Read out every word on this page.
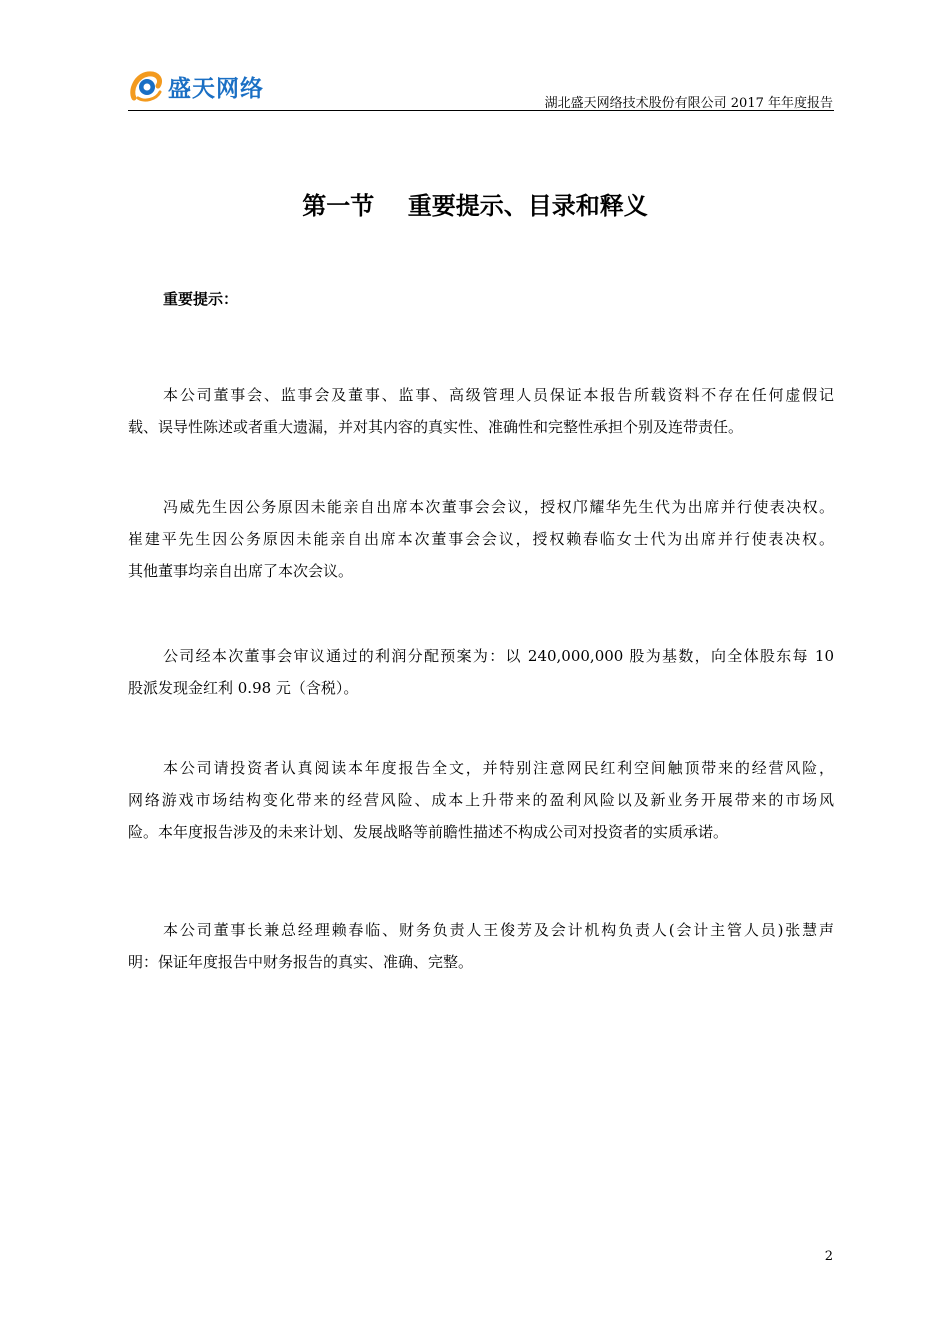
盛天网络
湖北盛天网络技术股份有限公司 2017 年年度报告
第一节    重要提示、目录和释义
重要提示：
本公司董事会、监事会及董事、监事、高级管理人员保证本报告所载资料不存在任何虚假记
载、误导性陈述或者重大遗漏，并对其内容的真实性、准确性和完整性承担个别及连带责任。
冯威先生因公务原因未能亲自出席本次董事会会议，授权邝耀华先生代为出席并行使表决权。
崔建平先生因公务原因未能亲自出席本次董事会会议，授权赖春临女士代为出席并行使表决权。
其他董事均亲自出席了本次会议。
公司经本次董事会审议通过的利润分配预案为：以 240,000,000 股为基数，向全体股东每 10
股派发现金红利 0.98 元（含税）。
本公司请投资者认真阅读本年度报告全文，并特别注意网民红利空间触顶带来的经营风险，
网络游戏市场结构变化带来的经营风险、成本上升带来的盈利风险以及新业务开展带来的市场风
险。本年度报告涉及的未来计划、发展战略等前瞻性描述不构成公司对投资者的实质承诺。
本公司董事长兼总经理赖春临、财务负责人王俊芳及会计机构负责人(会计主管人员)张慧声
明：保证年度报告中财务报告的真实、准确、完整。
2
